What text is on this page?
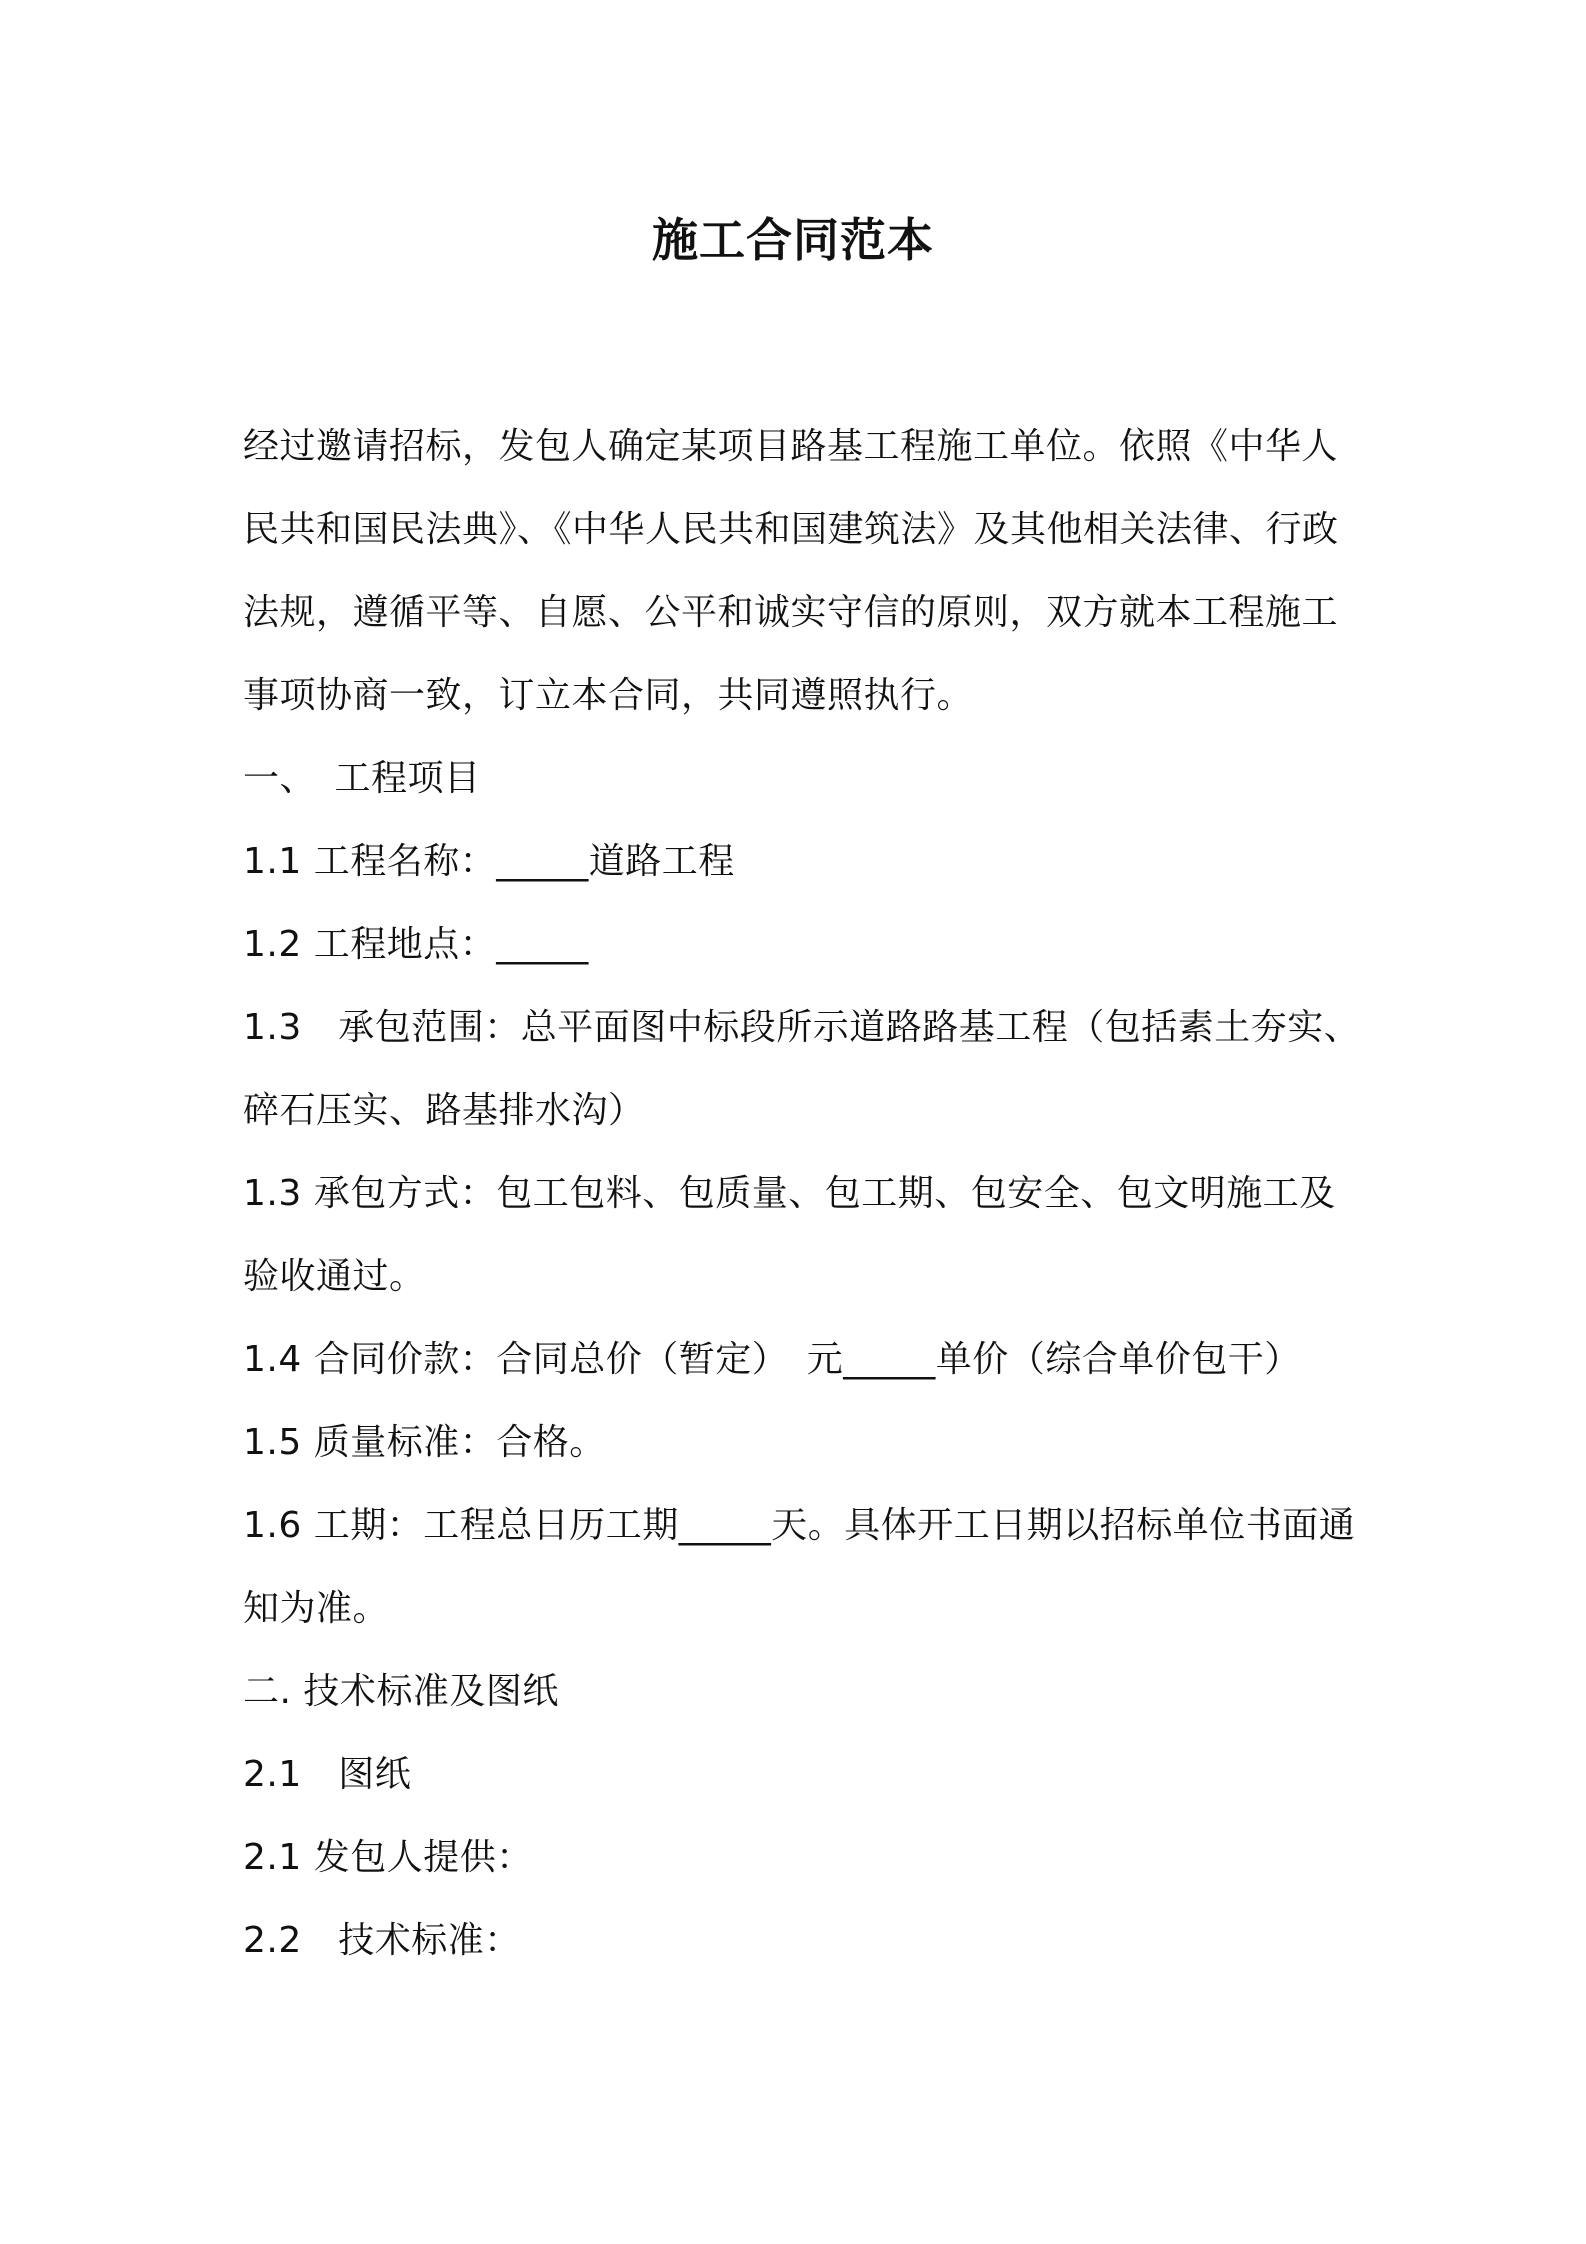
施工合同范本

经过邀请招标，发包人确定某项目路基工程施工单位。依照《中华人民共和国民法典》、《中华人民共和国建筑法》及其他相关法律、行政法规，遵循平等、自愿、公平和诚实守信的原则，双方就本工程施工事项协商一致，订立本合同，共同遵照执行。

一、　工程项目

1.1 工程名称：_____道路工程

1.2 工程地点：_____

1.3　承包范围：总平面图中标段所示道路路基工程（包括素土夯实、碎石压实、路基排水沟）

1.3 承包方式：包工包料、包质量、包工期、包安全、包文明施工及验收通过。

1.4 合同价款：合同总价（暂定）　元_____单价（综合单价包干）

1.5 质量标准：合格。

1.6 工期：工程总日历工期_____天。具体开工日期以招标单位书面通知为准。

二. 技术标准及图纸

2.1　图纸

2.1 发包人提供：

2.2　技术标准：
